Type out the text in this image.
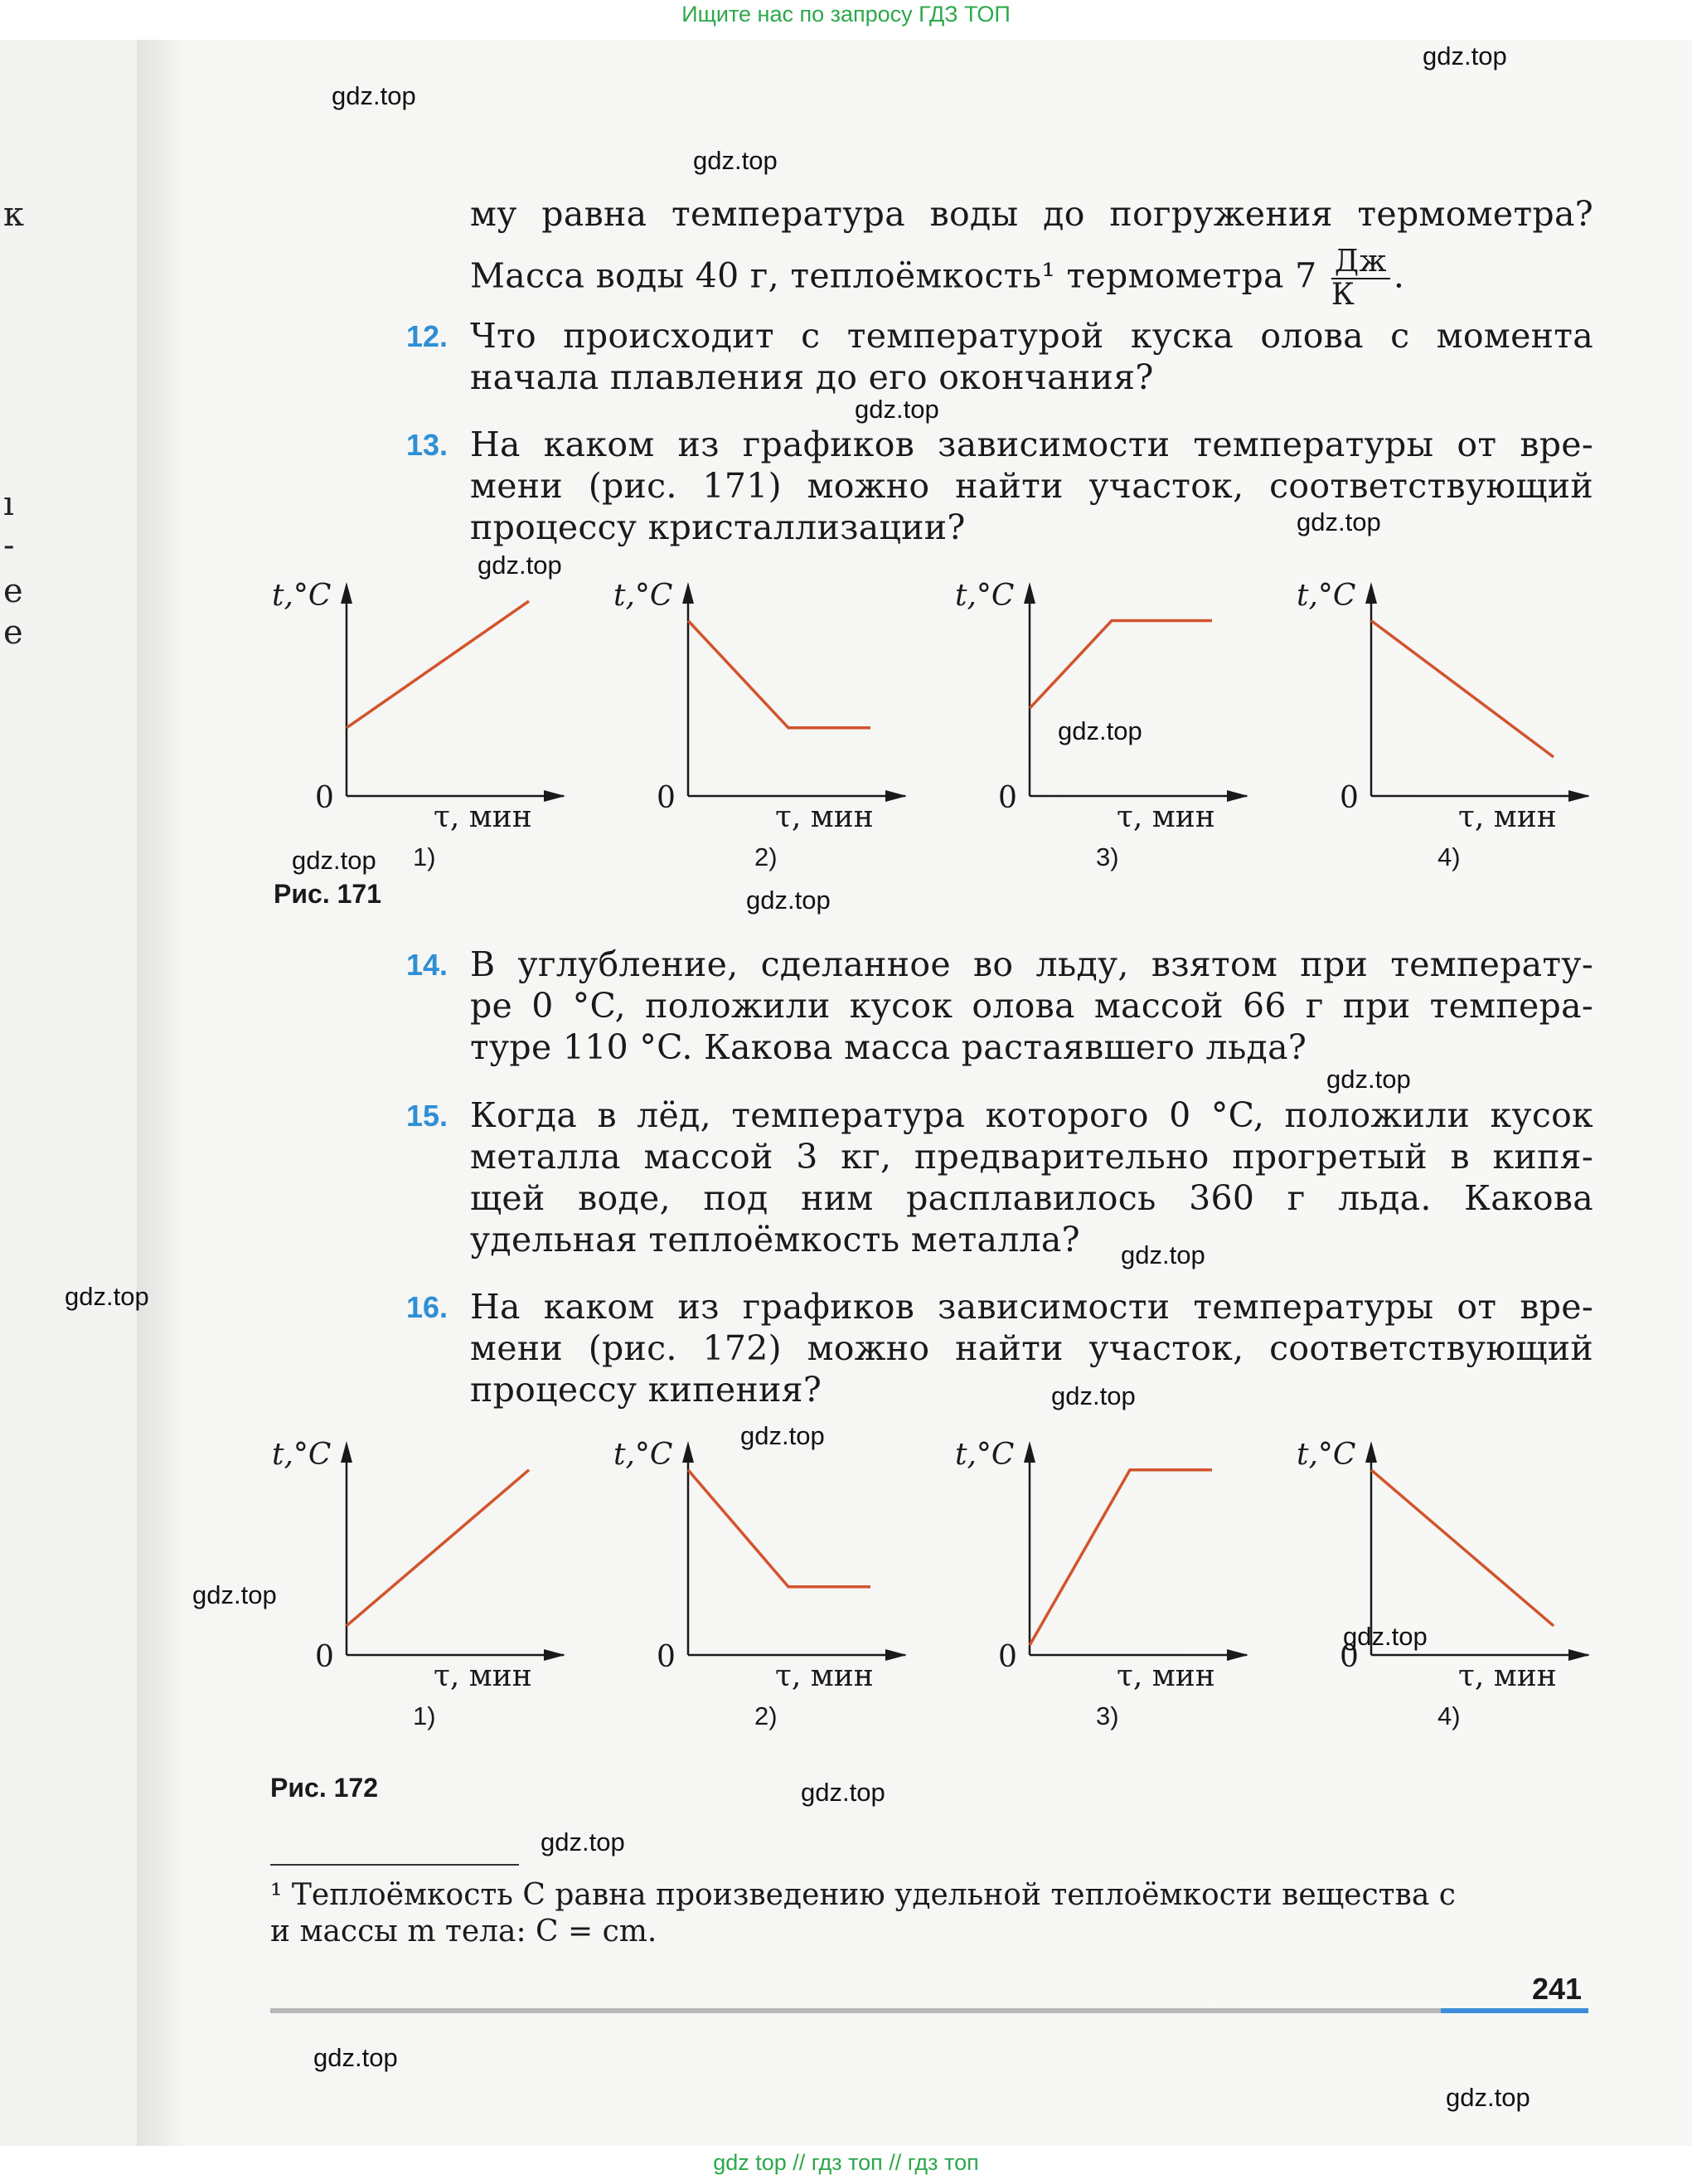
Ищите нас по запросу ГДЗ ТОП
к
ı
-
е
е
му равна температура воды до погружения термометра?
Масса воды 40 г, теплоёмкость¹ термометра $7 \frac{Дж}{К}$ .
12. Что происходит с температурой куска олова с момента
начала плавления до его окончания?
13. На каком из графиков зависимости температуры от вре-
мени (рис. 171) можно найти участок, соответствующий
процессу кристаллизации?
t,°C
0
τ, мин
1)
t,°C
0
τ, мин
2)
t,°C
0
τ, мин
3)
t,°C
0
τ, мин
4)
Рис. 171
14. В углубление, сделанное во льду, взятом при температу-
ре 0 °C, положили кусок олова массой 66 г при темпера-
туре 110 °C. Какова масса растаявшего льда?
15. Когда в лёд, температура которого 0 °C, положили кусок
металла массой 3 кг, предварительно прогретый в кипя-
щей воде, под ним расплавилось 360 г льда. Какова
удельная теплоёмкость металла?
16. На каком из графиков зависимости температуры от вре-
мени (рис. 172) можно найти участок, соответствующий
процессу кипения?
t,°C
0
τ, мин
1)
t,°C
0
τ, мин
2)
t,°C
0
τ, мин
3)
t,°C
0
τ, мин
4)
Рис. 172
¹ Теплоёмкость C равна произведению удельной теплоёмкости вещества c
и массы m тела: C = cm.
241
gdz.top
gdz.top
gdz.top
gdz.top
gdz.top
gdz.top
gdz.top
gdz.top
gdz.top
gdz.top
gdz.top
gdz.top
gdz.top
gdz.top
gdz.top
gdz.top
gdz.top
gdz.top
gdz.top
gdz.top
gdz top // гдз топ // гдз топ
